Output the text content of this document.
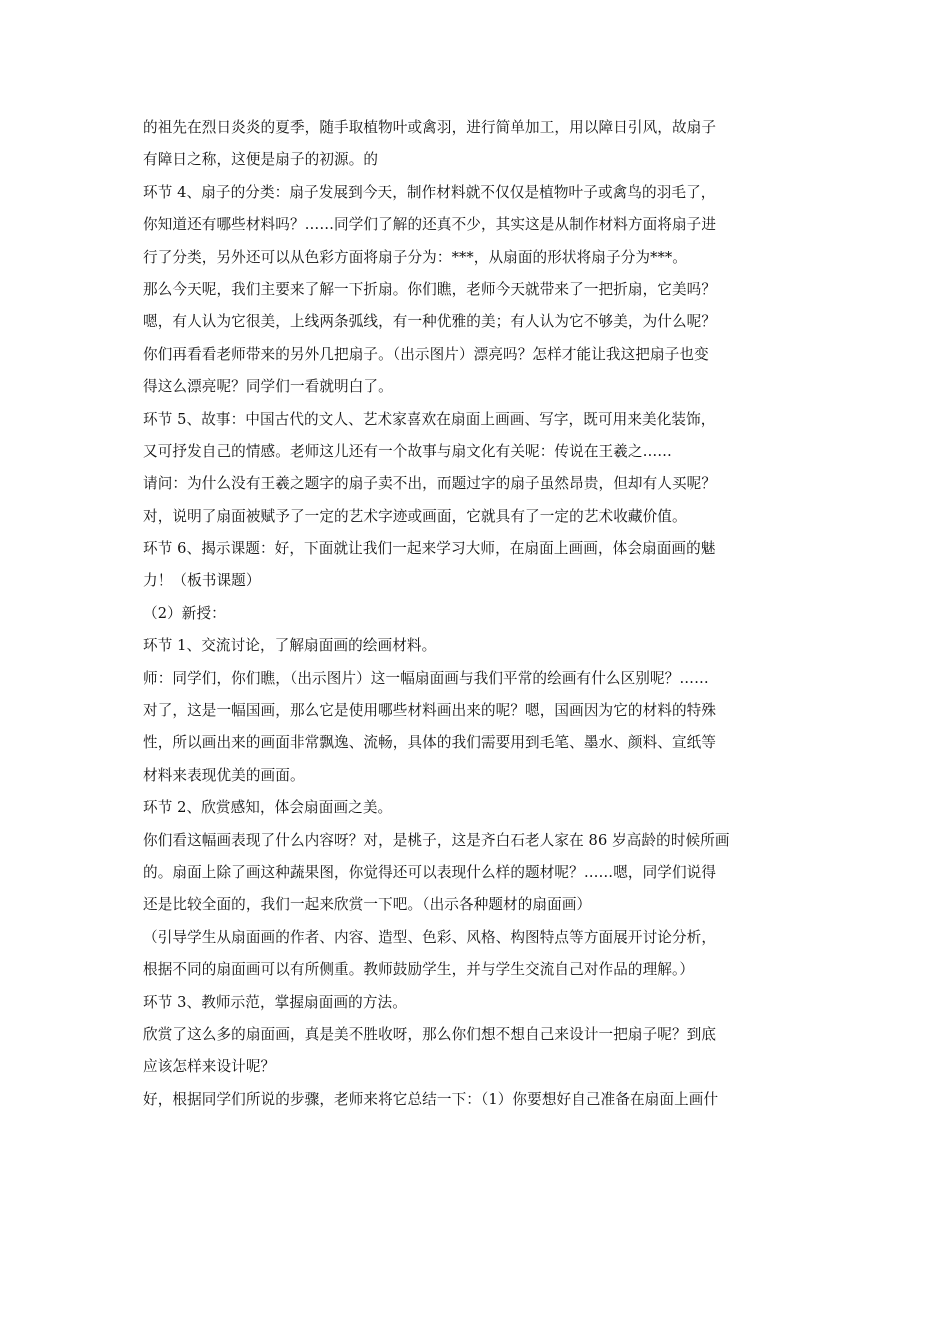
的祖先在烈日炎炎的夏季，随手取植物叶或禽羽，进行简单加工，用以障日引风，故扇子
有障日之称，这便是扇子的初源。的
环节 4、扇子的分类：扇子发展到今天，制作材料就不仅仅是植物叶子或禽鸟的羽毛了，
你知道还有哪些材料吗？……同学们了解的还真不少，其实这是从制作材料方面将扇子进
行了分类，另外还可以从色彩方面将扇子分为：***，从扇面的形状将扇子分为***。
那么今天呢，我们主要来了解一下折扇。你们瞧，老师今天就带来了一把折扇，它美吗？
嗯，有人认为它很美，上线两条弧线，有一种优雅的美；有人认为它不够美，为什么呢？
你们再看看老师带来的另外几把扇子。（出示图片）漂亮吗？怎样才能让我这把扇子也变
得这么漂亮呢？同学们一看就明白了。
环节 5、故事：中国古代的文人、艺术家喜欢在扇面上画画、写字，既可用来美化装饰，
又可抒发自己的情感。老师这儿还有一个故事与扇文化有关呢：传说在王羲之……
请问：为什么没有王羲之题字的扇子卖不出，而题过字的扇子虽然昂贵，但却有人买呢？
对，说明了扇面被赋予了一定的艺术字迹或画面，它就具有了一定的艺术收藏价值。
环节 6、揭示课题：好，下面就让我们一起来学习大师，在扇面上画画，体会扇面画的魅
力！（板书课题）
（2）新授：
环节 1、交流讨论，了解扇面画的绘画材料。
师：同学们，你们瞧，（出示图片）这一幅扇面画与我们平常的绘画有什么区别呢？……
对了，这是一幅国画，那么它是使用哪些材料画出来的呢？嗯，国画因为它的材料的特殊
性，所以画出来的画面非常飘逸、流畅，具体的我们需要用到毛笔、墨水、颜料、宣纸等
材料来表现优美的画面。
环节 2、欣赏感知，体会扇面画之美。
你们看这幅画表现了什么内容呀？对，是桃子，这是齐白石老人家在 86 岁高龄的时候所画
的。扇面上除了画这种蔬果图，你觉得还可以表现什么样的题材呢？……嗯，同学们说得
还是比较全面的，我们一起来欣赏一下吧。（出示各种题材的扇面画）
（引导学生从扇面画的作者、内容、造型、色彩、风格、构图特点等方面展开讨论分析，
根据不同的扇面画可以有所侧重。教师鼓励学生，并与学生交流自己对作品的理解。）
环节 3、教师示范，掌握扇面画的方法。
欣赏了这么多的扇面画，真是美不胜收呀，那么你们想不想自己来设计一把扇子呢？到底
应该怎样来设计呢？
好，根据同学们所说的步骤，老师来将它总结一下：（1）你要想好自己准备在扇面上画什
